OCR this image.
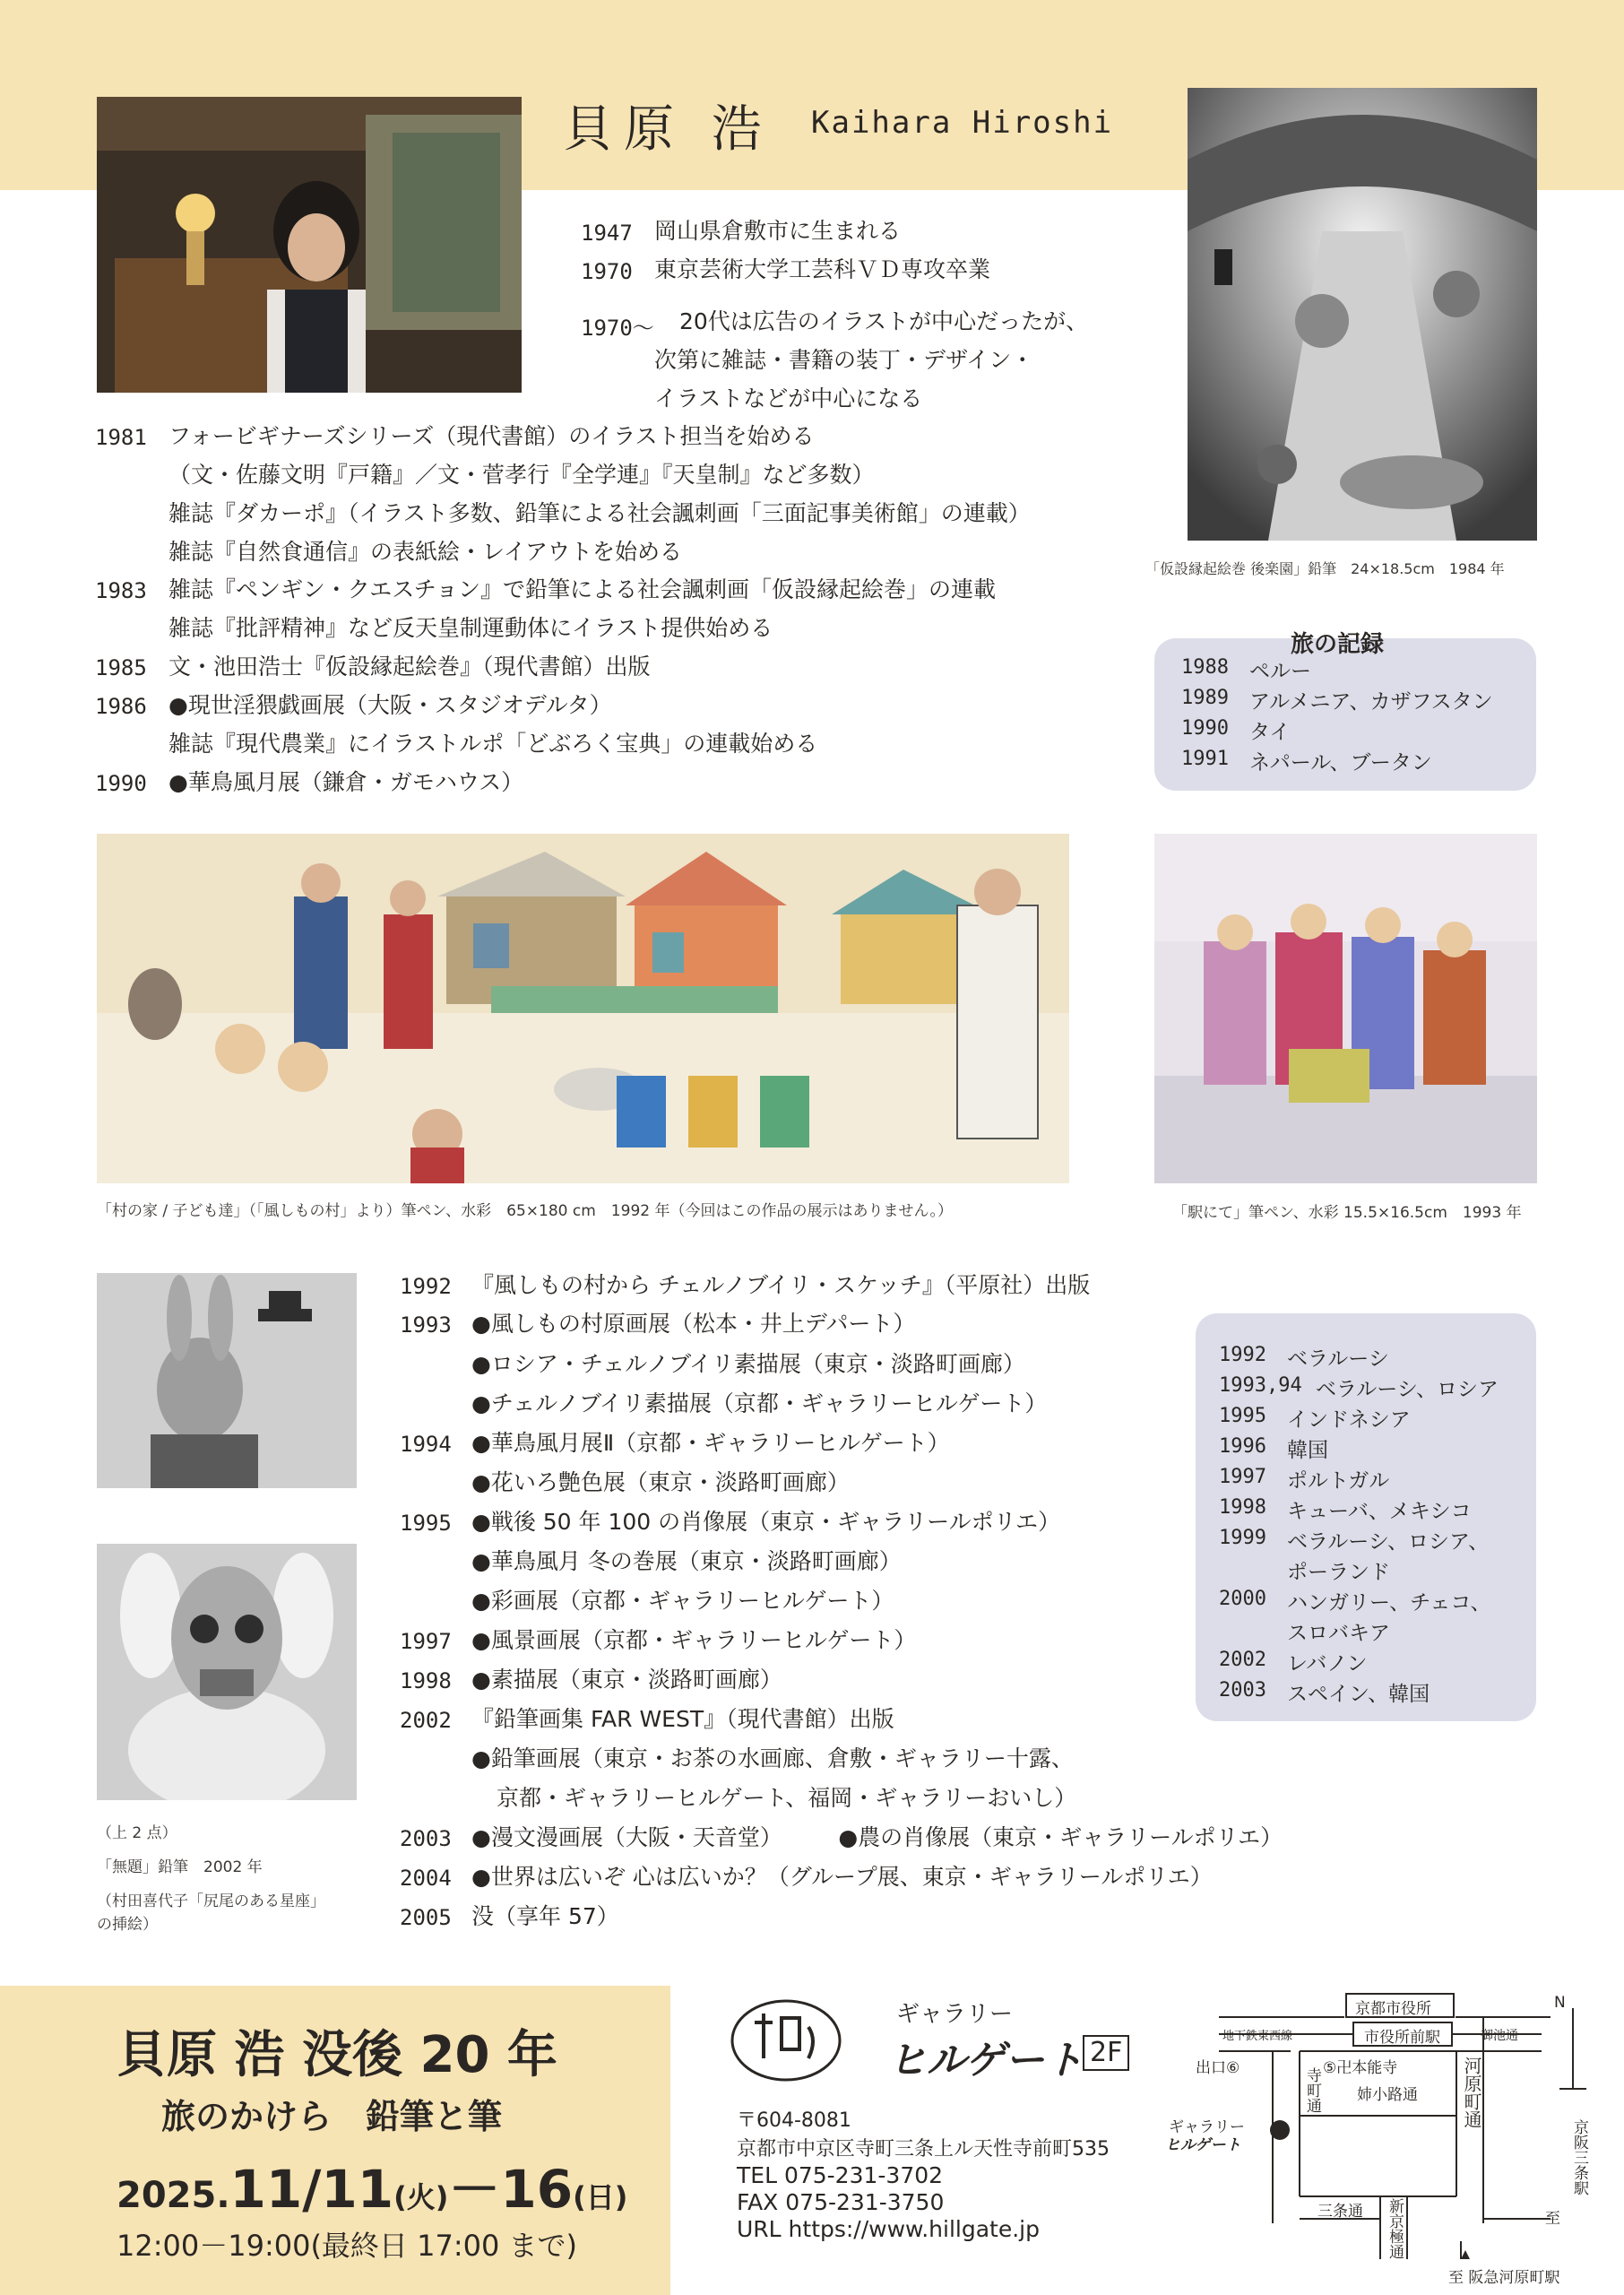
貝原 浩 Kaihara Hiroshi
「仮設縁起絵巻 後楽園」鉛筆　24×18.5cm　1984 年
1947 岡山県倉敷市に生まれる
1970 東京芸術大学工芸科ＶＤ専攻卒業
1970～ 20代は広告のイラストが中心だったが、
次第に雑誌・書籍の装丁・デザイン・
イラストなどが中心になる
1981 フォービギナーズシリーズ（現代書館）のイラスト担当を始める
（文・佐藤文明『戸籍』／文・菅孝行『全学連』『天皇制』など多数）
雑誌『ダカーポ』（イラスト多数、鉛筆による社会諷刺画「三面記事美術館」の連載）
雑誌『自然食通信』の表紙絵・レイアウトを始める
1983 雑誌『ペンギン・クエスチョン』で鉛筆による社会諷刺画「仮設縁起絵巻」の連載
雑誌『批評精神』など反天皇制運動体にイラスト提供始める
1985 文・池田浩士『仮設縁起絵巻』（現代書館）出版
1986 ●現世淫猥戯画展（大阪・スタジオデルタ）
雑誌『現代農業』にイラストルポ「どぶろく宝典」の連載始める
1990 ●華鳥風月展（鎌倉・ガモハウス）
旅の記録
1988 ペルー
1989 アルメニア、カザフスタン
1990 タイ
1991 ネパール、ブータン
「村の家 / 子ども達」（「風しもの村」より）筆ペン、水彩　65×180 cm　1992 年（今回はこの作品の展示はありません。）	「駅にて」筆ペン、水彩 15.5×16.5cm　1993 年
（上 2 点）
「無題」鉛筆　2002 年
（村田喜代子「尻尾のある星座」
の挿絵）
1992 『風しもの村から チェルノブイリ・スケッチ』（平原社）出版
1993 ●風しもの村原画展（松本・井上デパート）
●ロシア・チェルノブイリ素描展（東京・淡路町画廊）
●チェルノブイリ素描展（京都・ギャラリーヒルゲート）
1994 ●華鳥風月展Ⅱ（京都・ギャラリーヒルゲート）
●花いろ艶色展（東京・淡路町画廊）
1995 ●戦後 50 年 100 の肖像展（東京・ギャラリールポリエ）
●華鳥風月 冬の巻展（東京・淡路町画廊）
●彩画展（京都・ギャラリーヒルゲート）
1997 ●風景画展（京都・ギャラリーヒルゲート）
1998 ●素描展（東京・淡路町画廊）
2002 『鉛筆画集 FAR WEST』（現代書館）出版
●鉛筆画展（東京・お茶の水画廊、倉敷・ギャラリー十露、
京都・ギャラリーヒルゲート、福岡・ギャラリーおいし）
2003 ●漫文漫画展（大阪・天音堂）　　　●農の肖像展（東京・ギャラリールポリエ）
2004 ●世界は広いぞ 心は広いか？（グループ展、東京・ギャラリールポリエ）
2005 没（享年 57）
1992 ベラルーシ
1993,94 ベラルーシ、ロシア
1995 インドネシア
1996 韓国
1997 ポルトガル
1998 キューバ、メキシコ
1999 ベラルーシ、ロシア、
ポーランド
2000 ハンガリー、チェコ、
スロバキア
2002 レバノン
2003 スペイン、韓国
貝原 浩 没後 20 年
旅のかけら　鉛筆と筆
2025.11/11(火)－16(日)
12:00－19:00(最終日 17:00 まで)
ギャラリー
ヒルゲート 2F
〒604-8081
京都市中京区寺町三条上ル天性寺前町535
TEL 075-231-3702
FAX 075-231-3750
URL https://www.hillgate.jp
京都市役所
市役所前駅
地下鉄東西線	御池通
出口⑥	⑤卍本能寺
姉小路通
寺町通	河原町通
ギャラリー
ヒルゲート
三条通 新京極通	至
京阪三条駅
至 阪急河原町駅
N
